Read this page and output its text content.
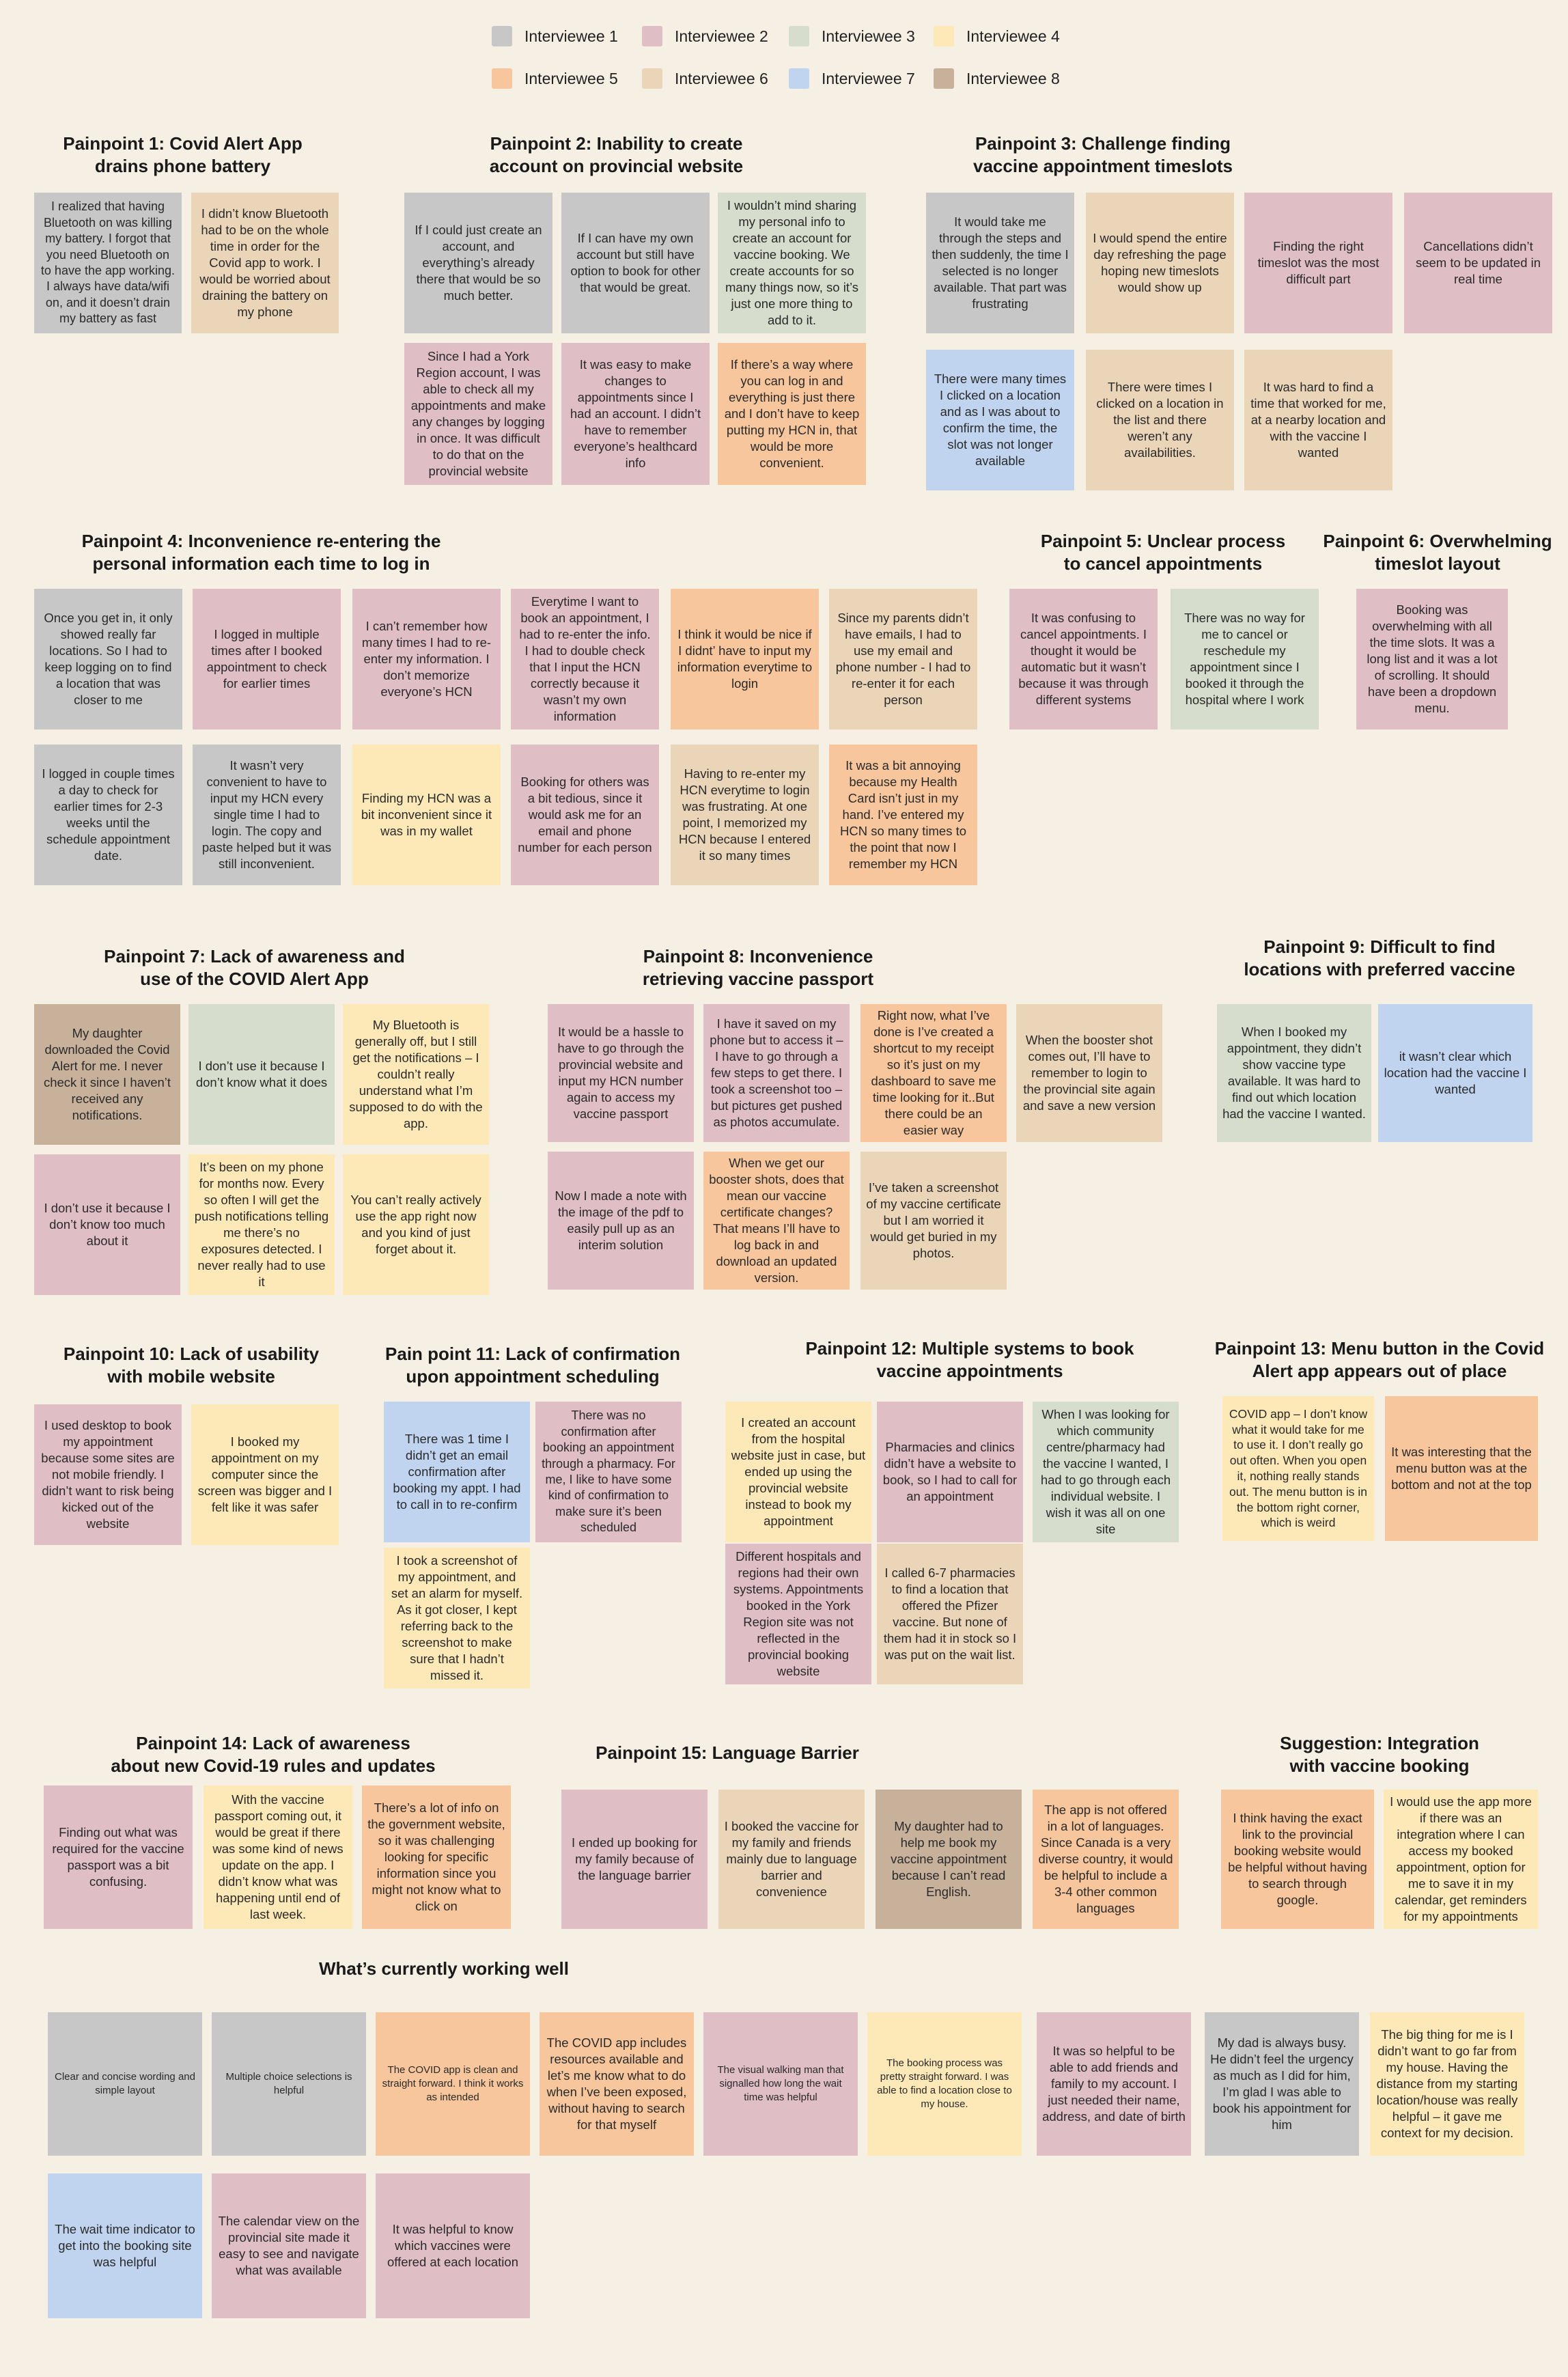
Interviewee 1	Interviewee 2	Interviewee 3	Interviewee 4
Interviewee 5	Interviewee 6	Interviewee 7	Interviewee 8
Painpoint 1: Covid Alert App
drains phone battery
I realized that having Bluetooth on was killing my battery. I forgot that you need Bluetooth on to have the app working. I always have data/wifi on, and it doesn’t drain my battery as fast
I didn’t know Bluetooth had to be on the whole time in order for the Covid app to work. I would be worried about draining the battery on my phone
Painpoint 2: Inability to create
account on provincial website
If I could just create an account, and everything’s already there that would be so much better.
If I can have my own account but still have option to book for other that would be great.
I wouldn’t mind sharing my personal info to create an account for vaccine booking. We create accounts for so many things now, so it’s just one more thing to add to it.
Since I had a York Region account, I was able to check all my appointments and make any changes by logging in once. It was difficult to do that on the provincial website
It was easy to make changes to appointments since I had an account. I didn’t have to remember everyone’s healthcard info
If there’s a way where you can log in and everything is just there and I don’t have to keep putting my HCN in, that would be more convenient.
Painpoint 3: Challenge finding
vaccine appointment timeslots
It would take me through the steps and then suddenly, the time I selected is no longer available. That part was frustrating
I would spend the entire day refreshing the page hoping new timeslots would show up
Finding the right timeslot was the most difficult part
Cancellations didn’t seem to be updated in real time
There were many times I clicked on a location and as I was about to confirm the time, the slot was not longer available
There were times I clicked on a location in the list and there weren’t any availabilities.
It was hard to find a time that worked for me, at a nearby location and with the vaccine I wanted
Painpoint 4: Inconvenience re-entering the
personal information each time to log in
Once you get in, it only showed really far locations. So I had to keep logging on to find a location that was closer to me
I logged in multiple times after I booked appointment to check for earlier times
I can’t remember how many times I had to re-enter my information. I don’t memorize everyone’s HCN
Everytime I want to book an appointment, I had to re-enter the info. I had to double check that I input the HCN correctly because it wasn’t my own information
I think it would be nice if I didnt’ have to input my information everytime to login
Since my parents didn’t have emails, I had to use my email and phone number - I had to re-enter it for each person
I logged in couple times a day to check for earlier times for 2-3 weeks until the schedule appointment date.
It wasn’t very convenient to have to input my HCN every single time I had to login. The copy and paste helped but it was still inconvenient.
Finding my HCN was a bit inconvenient since it was in my wallet
Booking for others was a bit tedious, since it would ask me for an email and phone number for each person
Having to re-enter my HCN everytime to login was frustrating. At one point, I memorized my HCN because I entered it so many times
It was a bit annoying because my Health Card isn’t just in my hand. I’ve entered my HCN so many times to the point that now I remember my HCN
Painpoint 5: Unclear process
to cancel appointments
It was confusing to cancel appointments. I thought it would be automatic but it wasn’t because it was through different systems
There was no way for me to cancel or reschedule my appointment since I booked it through the hospital where I work
Painpoint 6: Overwhelming
timeslot layout
Booking was overwhelming with all the time slots. It was a long list and it was a lot of scrolling. It should have been a dropdown menu.
Painpoint 7: Lack of awareness and
use of the COVID Alert App
My daughter downloaded the Covid Alert for me. I never check it since I haven’t received any notifications.
I don’t use it because I don’t know what it does
My Bluetooth is generally off, but I still get the notifications – I couldn’t really understand what I’m supposed to do with the app.
I don’t use it because I don’t know too much about it
It’s been on my phone for months now. Every so often I will get the push notifications telling me there’s no exposures detected. I never really had to use it
You can’t really actively use the app right now and you kind of just forget about it.
Painpoint 8: Inconvenience
retrieving vaccine passport
It would be a hassle to have to go through the provincial website and input my HCN number again to access my vaccine passport
I have it saved on my phone but to access it – I have to go through a few steps to get there. I took a screenshot too – but pictures get pushed as photos accumulate.
Right now, what I’ve done is I’ve created a shortcut to my receipt so it’s just on my dashboard to save me time looking for it..But there could be an easier way
When the booster shot comes out, I’ll have to remember to login to the provincial site again and save a new version
Now I made a note with the image of the pdf to easily pull up as an interim solution
When we get our booster shots, does that mean our vaccine certificate changes? That means I’ll have to log back in and download an updated version.
I’ve taken a screenshot of my vaccine certificate but I am worried it would get buried in my photos.
Painpoint 9: Difficult to find
locations with preferred vaccine
When I booked my appointment, they didn’t show vaccine type available. It was hard to find out which location had the vaccine I wanted.
it wasn’t clear which location had the vaccine I wanted
Painpoint 10: Lack of usability
with mobile website
I used desktop to book my appointment because some sites are not mobile friendly. I didn’t want to risk being kicked out of the website
I booked my appointment on my computer since the screen was bigger and I felt like it was safer
Pain point 11: Lack of confirmation
upon appointment scheduling
There was 1 time I didn’t get an email confirmation after booking my appt. I had to call in to re-confirm
There was no confirmation after booking an appointment through a pharmacy. For me, I like to have some kind of confirmation to make sure it’s been scheduled
I took a screenshot of my appointment, and set an alarm for myself. As it got closer, I kept referring back to the screenshot to make sure that I hadn’t missed it.
Painpoint 12: Multiple systems to book
vaccine appointments
I created an account from the hospital website just in case, but ended up using the provincial website instead to book my appointment
Pharmacies and clinics didn’t have a website to book, so I had to call for an appointment
When I was looking for which community centre/pharmacy had the vaccine I wanted, I had to go through each individual website. I wish it was all on one site
Different hospitals and regions had their own systems. Appointments booked in the York Region site was not reflected in the provincial booking website
I called 6-7 pharmacies to find a location that offered the Pfizer vaccine. But none of them had it in stock so I was put on the wait list.
Painpoint 13: Menu button in the Covid
Alert app appears out of place
COVID app – I don’t know what it would take for me to use it. I don’t really go out often. When you open it, nothing really stands out. The menu button is in the bottom right corner, which is weird
It was interesting that the menu button was at the bottom and not at the top
Painpoint 14: Lack of awareness
about new Covid-19 rules and updates
Finding out what was required for the vaccine passport was a bit confusing.
With the vaccine passport coming out, it would be great if there was some kind of news update on the app. I didn’t know what was happening until end of last week.
There’s a lot of info on the government website, so it was challenging looking for specific information since you might not know what to click on
Painpoint 15: Language Barrier
I ended up booking for my family because of the language barrier
I booked the vaccine for my family and friends mainly due to language barrier and convenience
My daughter had to help me book my vaccine appointment because I can’t read English.
The app is not offered in a lot of languages. Since Canada is a very diverse country, it would be helpful to include a 3-4 other common languages
Suggestion: Integration
with vaccine booking
I think having the exact link to the provincial booking website would be helpful without having to search through google.
I would use the app more if there was an integration where I can access my booked appointment, option for me to save it in my calendar, get reminders for my appointments
What’s currently working well
Clear and concise wording and simple layout
Multiple choice selections is helpful
The COVID app is clean and straight forward. I think it works as intended
The COVID app includes resources available and let’s me know what to do when I’ve been exposed, without having to search for that myself
The visual walking man that signalled how long the wait time was helpful
The booking process was pretty straight forward. I was able to find a location close to my house.
It was so helpful to be able to add friends and family to my account. I just needed their name, address, and date of birth
My dad is always busy. He didn’t feel the urgency as much as I did for him, I’m glad I was able to book his appointment for him
The big thing for me is I didn’t want to go far from my house. Having the distance from my starting location/house was really helpful – it gave me context for my decision.
The wait time indicator to get into the booking site was helpful
The calendar view on the provincial site made it easy to see and navigate what was available
It was helpful to know which vaccines were offered at each location
